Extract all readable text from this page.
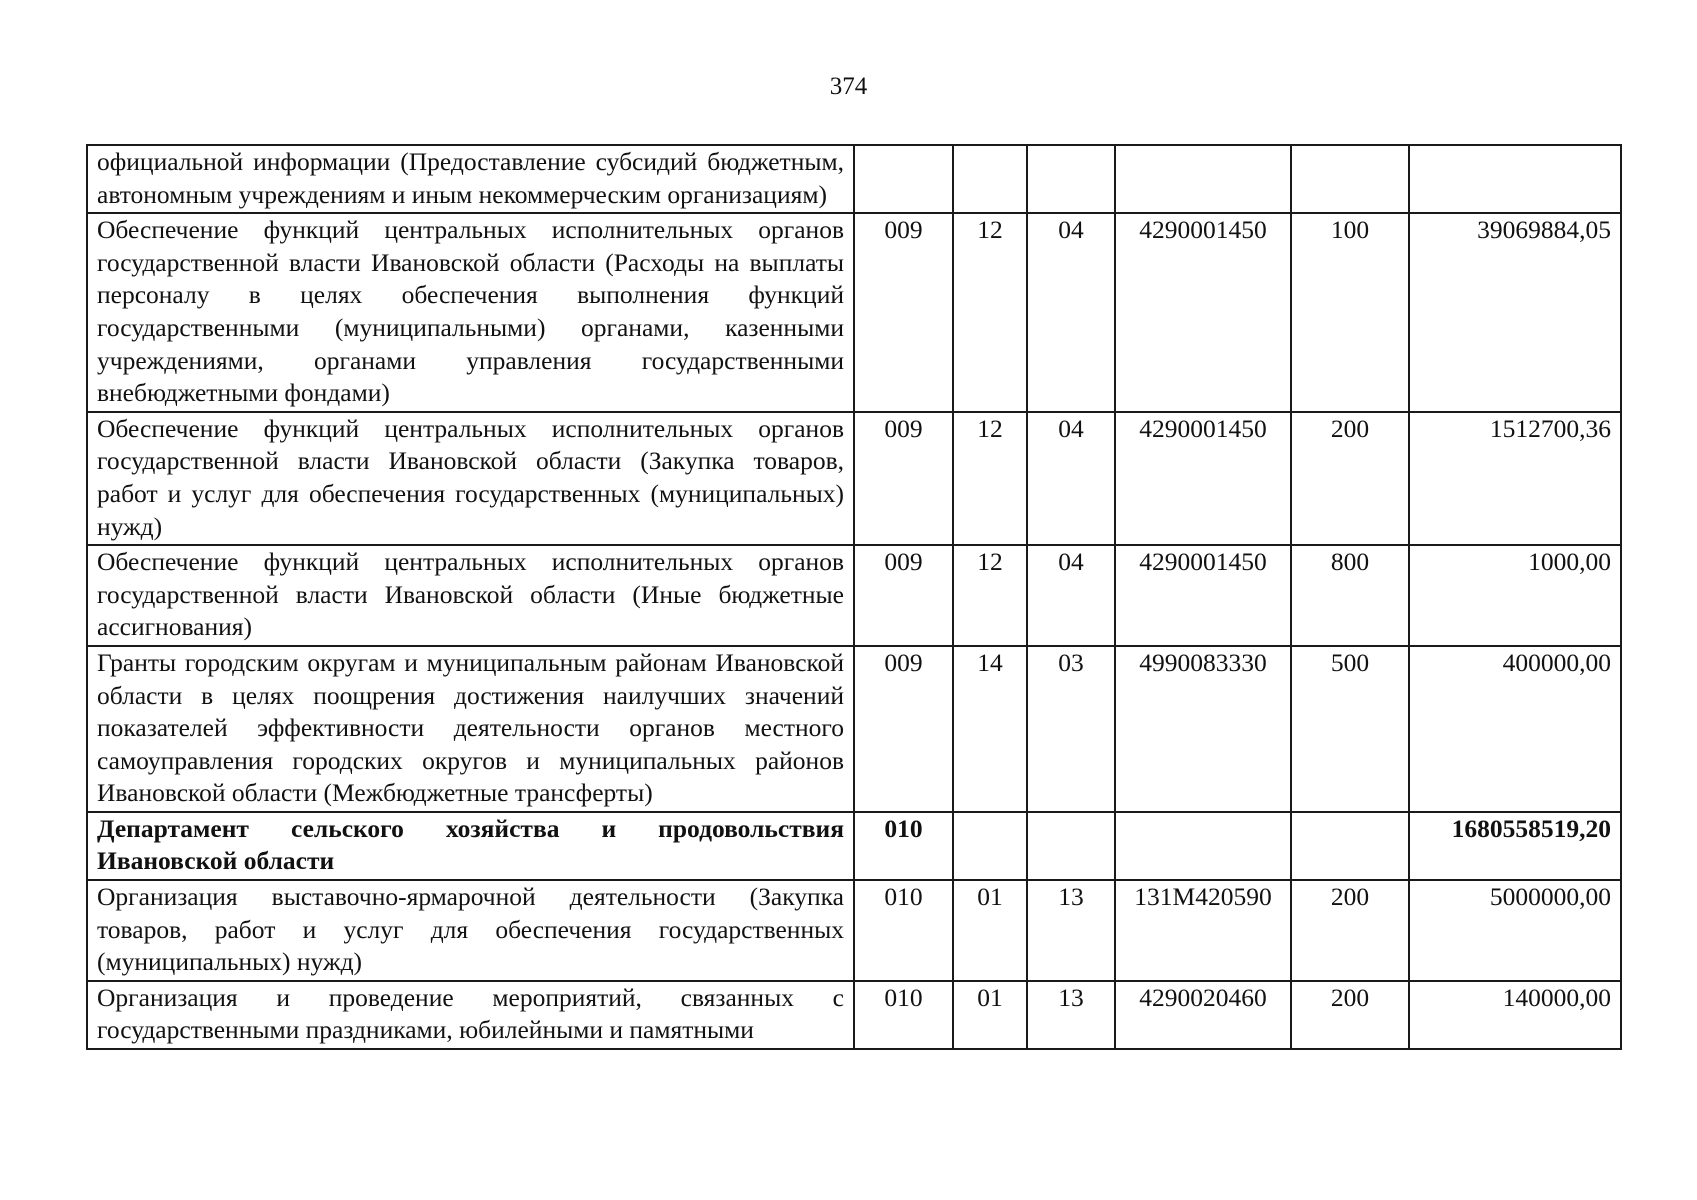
374
официальной информации (Предоставление субсидий бюджетным, автономным учреждениям и иным некоммерческим организациям)						
Обеспечение функций центральных исполнительных органов государственной власти Ивановской области (Расходы на выплаты персоналу в целях обеспечения выполнения функций государственными (муниципальными) органами, казенными учреждениями, органами управления государственными внебюджетными фондами)	009	12	04	4290001450	100	39069884,05
Обеспечение функций центральных исполнительных органов государственной власти Ивановской области (Закупка товаров, работ и услуг для обеспечения государственных (муниципальных) нужд)	009	12	04	4290001450	200	1512700,36
Обеспечение функций центральных исполнительных органов государственной власти Ивановской области (Иные бюджетные ассигнования)	009	12	04	4290001450	800	1000,00
Гранты городским округам и муниципальным районам Ивановской области в целях поощрения достижения наилучших значений показателей эффективности деятельности органов местного самоуправления городских округов и муниципальных районов Ивановской области (Межбюджетные трансферты)	009	14	03	4990083330	500	400000,00
Департамент сельского хозяйства и продовольствия Ивановской области	010					1680558519,20
Организация выставочно-ярмарочной деятельности (Закупка товаров, работ и услуг для обеспечения государственных (муниципальных) нужд)	010	01	13	131М420590	200	5000000,00
Организация и проведение мероприятий, связанных с государственными праздниками, юбилейными и памятными	010	01	13	4290020460	200	140000,00
